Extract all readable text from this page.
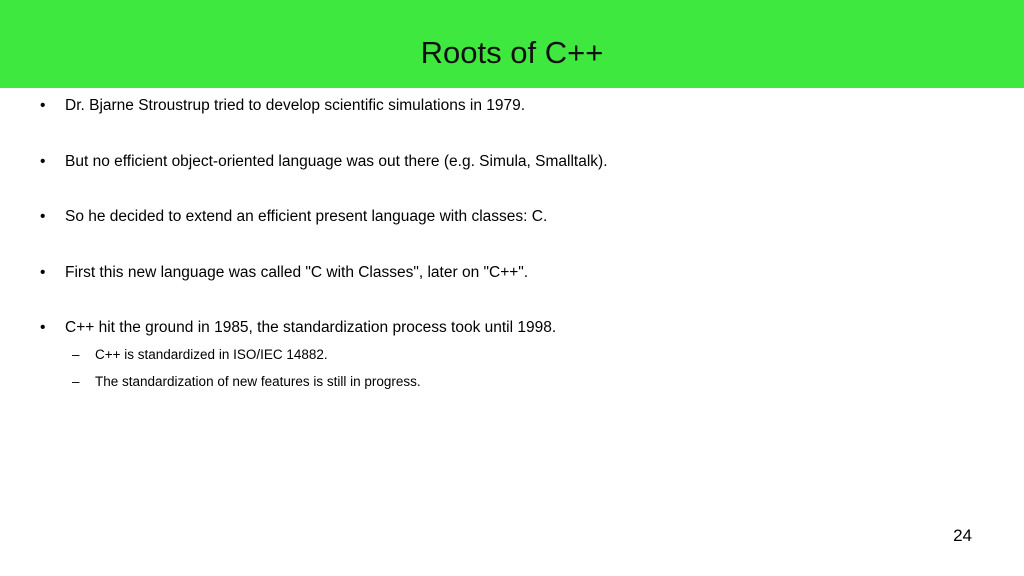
Roots of C++
• Dr. Bjarne Stroustrup tried to develop scientific simulations in 1979.
• But no efficient object-oriented language was out there (e.g. Simula, Smalltalk).
• So he decided to extend an efficient present language with classes: C.
• First this new language was called "C with Classes", later on "C++".
• C++ hit the ground in 1985, the standardization process took until 1998.
– C++ is standardized in ISO/IEC 14882.
– The standardization of new features is still in progress.
24
